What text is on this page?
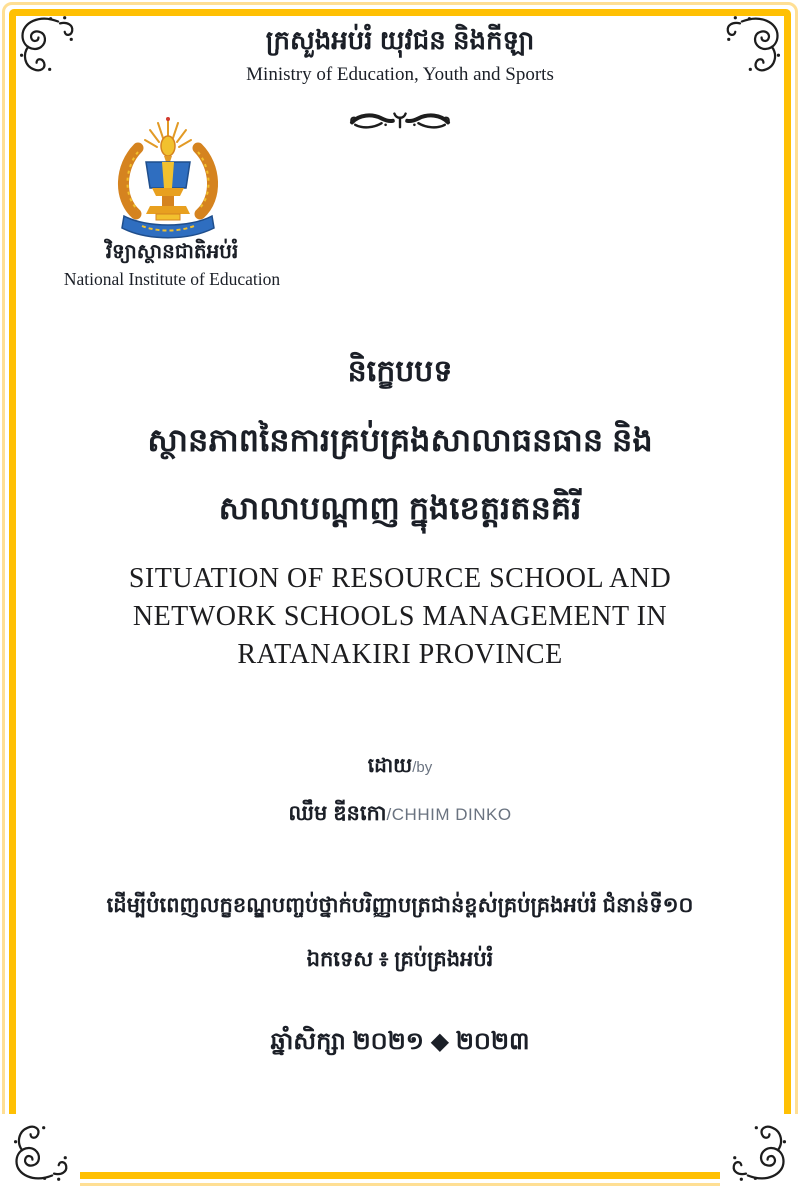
ក្រសួងអប់រំ យុវជន និងកីឡា
Ministry of Education, Youth and Sports
វិទ្យាស្ថានជាតិអប់រំ
National Institute of Education
និក្ខេបបទ
ស្ថានភាពនៃការគ្រប់គ្រងសាលាធនធាន និង
សាលាបណ្ដាញ ក្នុងខេត្តរតនគិរី
SITUATION OF RESOURCE SCHOOL AND
NETWORK SCHOOLS MANAGEMENT IN
RATANAKIRI PROVINCE
ដោយ/by
ឈឹម ឌីនកោ/CHHIM DINKO
ដើម្បីបំពេញលក្ខខណ្ឌបញ្ចប់ថ្នាក់បរិញ្ញាបត្រជាន់ខ្ពស់គ្រប់គ្រងអប់រំ ជំនាន់ទី១០
ឯកទេស ៖ គ្រប់គ្រងអប់រំ
ឆ្នាំសិក្សា ២០២១ ◆ ២០២៣
